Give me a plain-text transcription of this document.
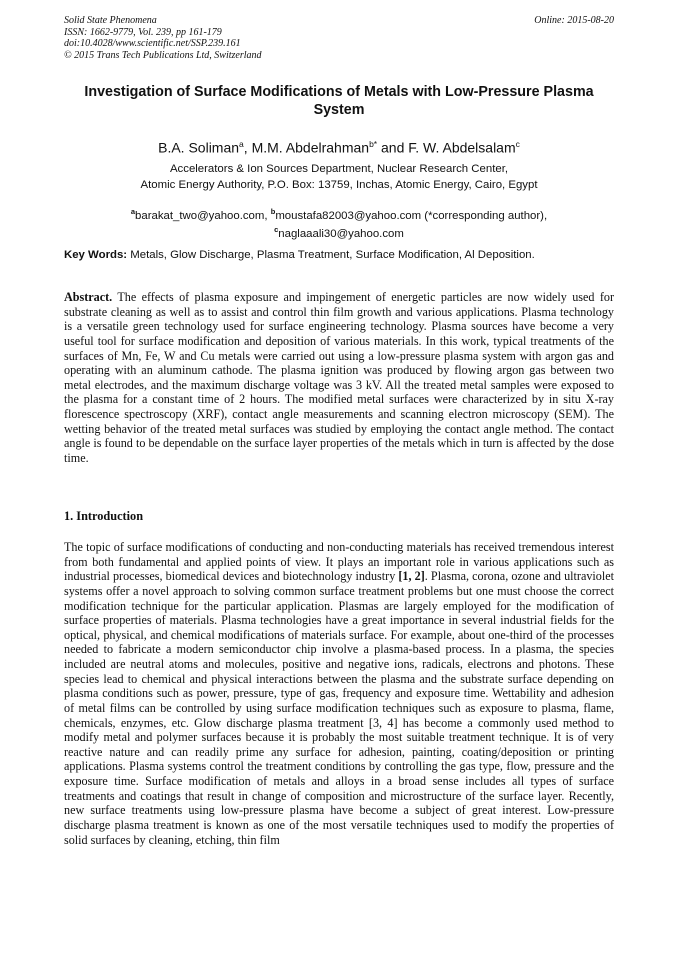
Solid State Phenomena
ISSN: 1662-9779, Vol. 239, pp 161-179
doi:10.4028/www.scientific.net/SSP.239.161
© 2015 Trans Tech Publications Ltd, Switzerland
Online: 2015-08-20
Investigation of Surface Modifications of Metals with Low-Pressure Plasma System
B.A. Soliman$^a$, M.M. Abdelrahman$^{b*}$ and F. W. Abdelsalam$^c$
Accelerators & Ion Sources Department, Nuclear Research Center,
Atomic Energy Authority, P.O. Box: 13759, Inchas, Atomic Energy, Cairo, Egypt
$^a$barakat_two@yahoo.com, $^b$moustafa82003@yahoo.com (*corresponding author),
$^c$naglaaali30@yahoo.com
Key Words: Metals, Glow Discharge, Plasma Treatment, Surface Modification, Al Deposition.
Abstract. The effects of plasma exposure and impingement of energetic particles are now widely used for substrate cleaning as well as to assist and control thin film growth and various applications. Plasma technology is a versatile green technology used for surface engineering technology. Plasma sources have become a very useful tool for surface modification and deposition of various materials. In this work, typical treatments of the surfaces of Mn, Fe, W and Cu metals were carried out using a low-pressure plasma system with argon gas and operating with an aluminum cathode. The plasma ignition was produced by flowing argon gas between two metal electrodes, and the maximum discharge voltage was 3 kV. All the treated metal samples were exposed to the plasma for a constant time of 2 hours. The modified metal surfaces were characterized by in situ X-ray florescence spectroscopy (XRF), contact angle measurements and scanning electron microscopy (SEM). The wetting behavior of the treated metal surfaces was studied by employing the contact angle method. The contact angle is found to be dependable on the surface layer properties of the metals which in turn is affected by the dose time.
1. Introduction
The topic of surface modifications of conducting and non-conducting materials has received tremendous interest from both fundamental and applied points of view. It plays an important role in various applications such as industrial processes, biomedical devices and biotechnology industry [1, 2]. Plasma, corona, ozone and ultraviolet systems offer a novel approach to solving common surface treatment problems but one must choose the correct modification technique for the particular application. Plasmas are largely employed for the modification of surface properties of materials. Plasma technologies have a great importance in several industrial fields for the optical, physical, and chemical modifications of materials surface. For example, about one-third of the processes needed to fabricate a modern semiconductor chip involve a plasma-based process. In a plasma, the species included are neutral atoms and molecules, positive and negative ions, radicals, electrons and photons. These species lead to chemical and physical interactions between the plasma and the substrate surface depending on plasma conditions such as power, pressure, type of gas, frequency and exposure time. Wettability and adhesion of metal films can be controlled by using surface modification techniques such as exposure to plasma, flame, chemicals, enzymes, etc. Glow discharge plasma treatment [3, 4] has become a commonly used method to modify metal and polymer surfaces because it is probably the most suitable treatment technique. It is of very reactive nature and can readily prime any surface for adhesion, painting, coating/deposition or printing applications. Plasma systems control the treatment conditions by controlling the gas type, flow, pressure and the exposure time. Surface modification of metals and alloys in a broad sense includes all types of surface treatments and coatings that result in change of composition and microstructure of the surface layer. Recently, new surface treatments using low-pressure plasma have become a subject of great interest. Low-pressure discharge plasma treatment is known as one of the most versatile techniques used to modify the properties of solid surfaces by cleaning, etching, thin film
